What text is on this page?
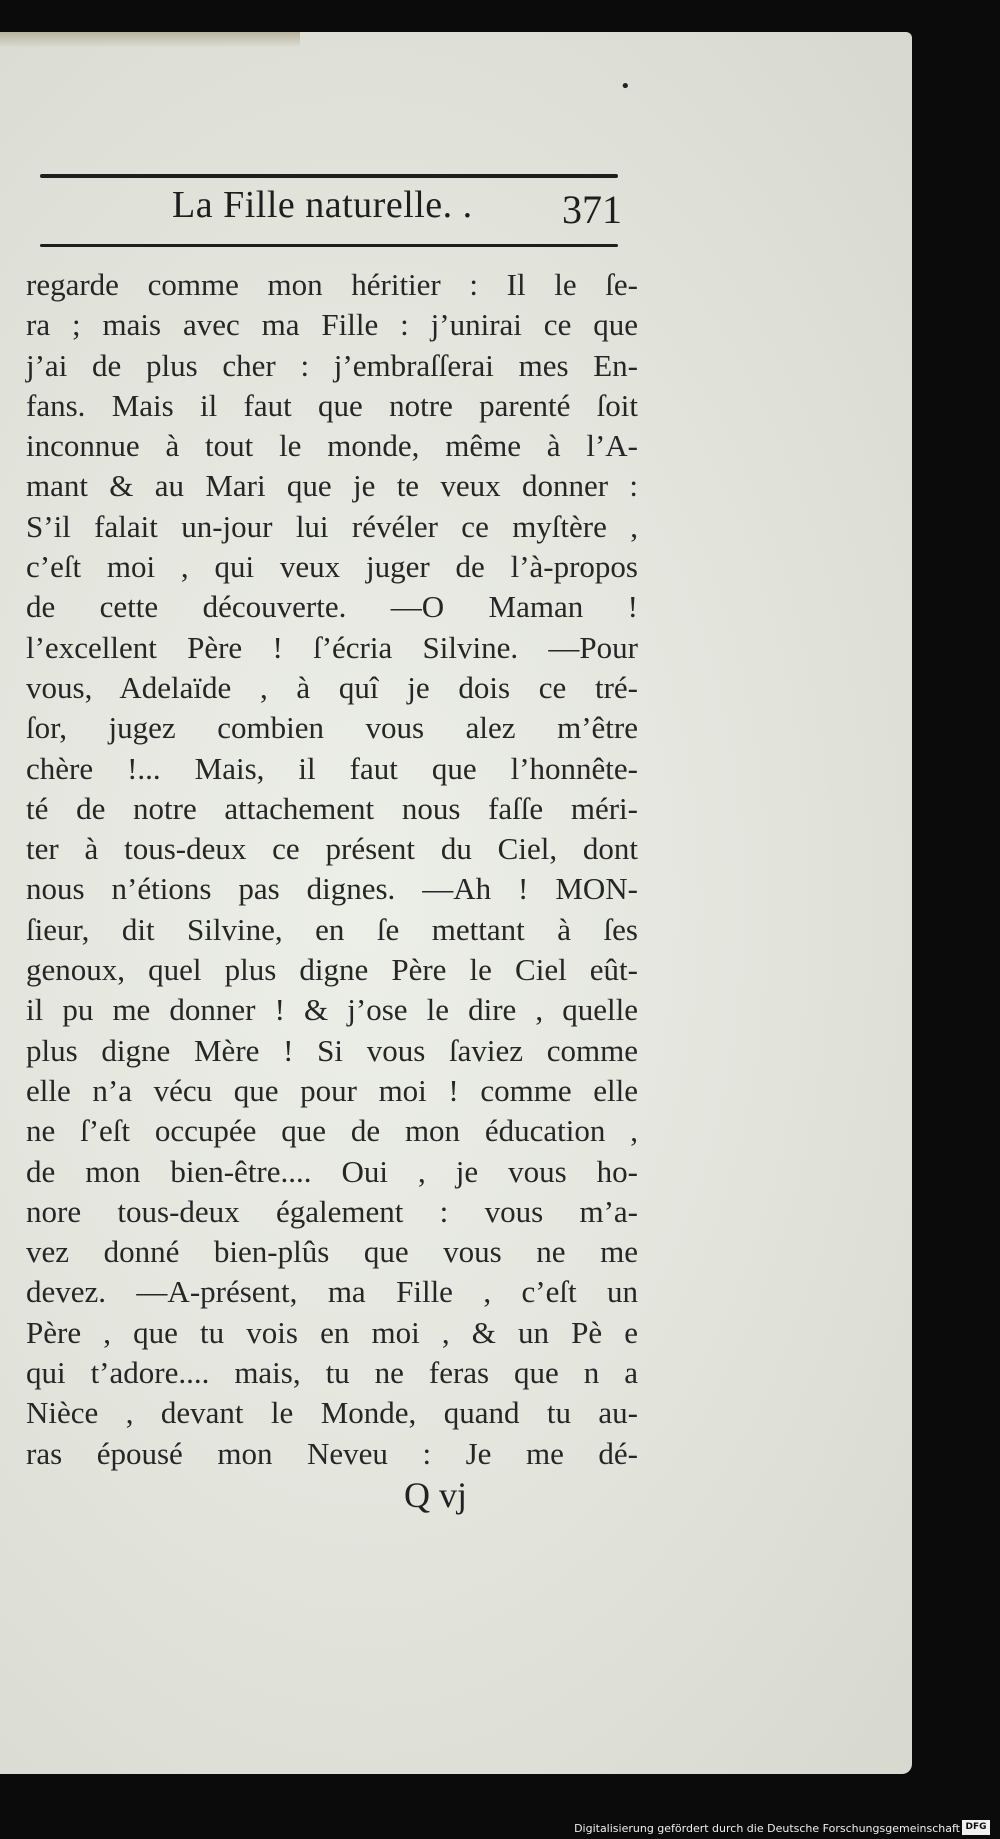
•
La Fille naturelle. . 371
regarde comme mon héritier : Il le ſe-
ra ; mais avec ma Fille : j’unirai ce que
j’ai de plus cher : j’embraſſerai mes En-
fans. Mais il faut que notre parenté ſoit
inconnue à tout le monde, même à l’A-
mant & au Mari que je te veux donner :
S’il falait un-jour lui révéler ce myſtère ,
c’eſt moi , qui veux juger de l’à-propos
de cette découverte. —O Maman !
l’excellent Père ! ſ’écria Silvine. —Pour
vous, Adelaïde , à quî je dois ce tré-
ſor, jugez combien vous alez m’être
chère !... Mais, il faut que l’honnête-
té de notre attachement nous faſſe méri-
ter à tous-deux ce présent du Ciel, dont
nous n’étions pas dignes. —Ah ! MON-
ſieur, dit Silvine, en ſe mettant à ſes
genoux, quel plus digne Père le Ciel eût-
il pu me donner ! & j’ose le dire , quelle
plus digne Mère ! Si vous ſaviez comme
elle n’a vécu que pour moi ! comme elle
ne ſ’eſt occupée que de mon éducation ,
de mon bien-être.... Oui , je vous ho-
nore tous-deux également : vous m’a-
vez donné bien-plûs que vous ne me
devez. —A-présent, ma Fille , c’eſt un
Père , que tu vois en moi , & un Pè e
qui t’adore.... mais, tu ne feras que n a
Nièce , devant le Monde, quand tu au-
ras épousé mon Neveu : Je me dé-
Q vj
Digitalisierung gefördert durch die Deutsche Forschungsgemeinschaft DFG
